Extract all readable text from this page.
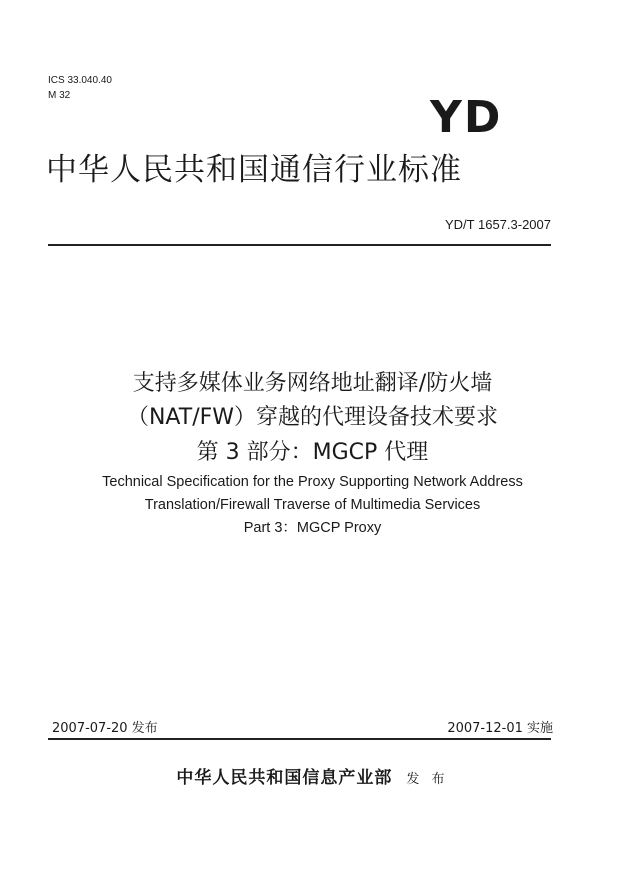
ICS 33.040.40
M 32	YD
中华人民共和国通信行业标准
YD/T 1657.3-2007
支持多媒体业务网络地址翻译/防火墙
（NAT/FW）穿越的代理设备技术要求
第 3 部分：MGCP 代理
Technical Specification for the Proxy Supporting Network Address
Translation/Firewall Traverse of Multimedia Services
Part 3：MGCP Proxy
2007-07-20 发布	2007-12-01 实施
中华人民共和国信息产业部 发 布
